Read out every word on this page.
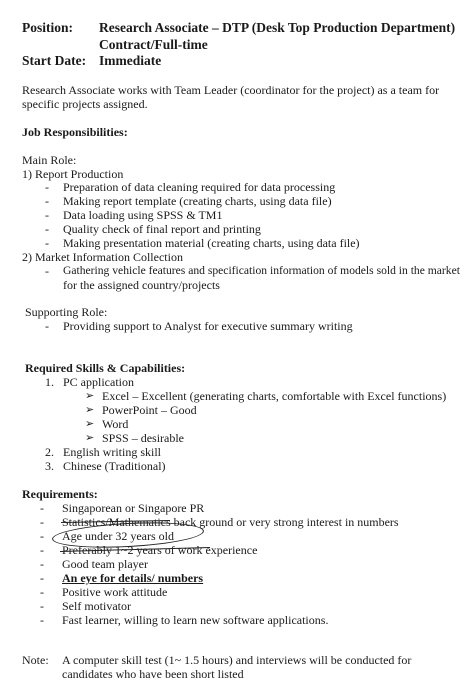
Position: Research Associate – DTP (Desk Top Production Department)
Contract/Full-time
Start Date: Immediate
Research Associate works with Team Leader (coordinator for the project) as a team for
specific projects assigned.
Job Responsibilities:
Main Role:
1) Report Production
- Preparation of data cleaning required for data processing
- Making report template (creating charts, using data file)
- Data loading using SPSS & TM1
- Quality check of final report and printing
- Making presentation material (creating charts, using data file)
2) Market Information Collection
- Gathering vehicle features and specification information of models sold in the market
for the assigned country/projects
Supporting Role:
- Providing support to Analyst for executive summary writing
Required Skills & Capabilities:
1. PC application
➢ Excel – Excellent (generating charts, comfortable with Excel functions)
➢ PowerPoint – Good
➢ Word
➢ SPSS – desirable
2. English writing skill
3. Chinese (Traditional)
Requirements:
- Singaporean or Singapore PR
- Statistics/Mathematics back ground or very strong interest in numbers
- Age under 32 years old
- Preferably 1~2 years of work experience
- Good team player
- An eye for details/ numbers
- Positive work attitude
- Self motivator
- Fast learner, willing to learn new software applications.
Note: A computer skill test (1~ 1.5 hours) and interviews will be conducted for
candidates who have been short listed
